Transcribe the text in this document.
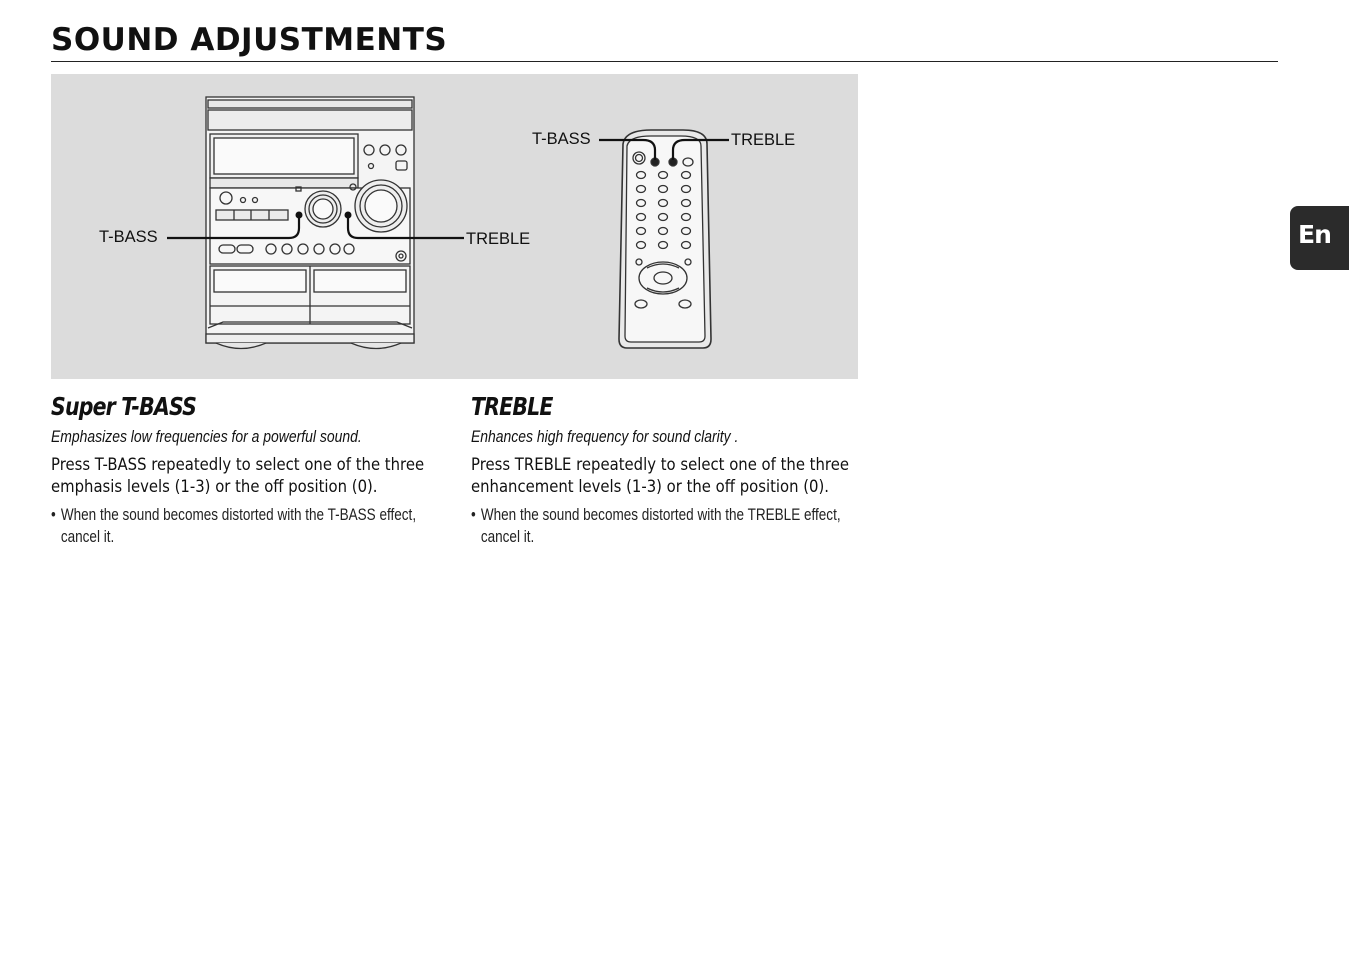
SOUND ADJUSTMENTS
T-BASS	TREBLE
T-BASS	TREBLE
Super T-BASS
Emphasizes low frequencies for a powerful sound.
Press T-BASS repeatedly to select one of the three emphasis levels (1-3) or the off position (0).
• When the sound becomes distorted with the T-BASS effect, cancel it.
TREBLE
Enhances high frequency for sound clarity .
Press TREBLE repeatedly to select one of the three enhancement levels (1-3) or the off position (0).
• When the sound becomes distorted with the TREBLE effect, cancel it.
En
